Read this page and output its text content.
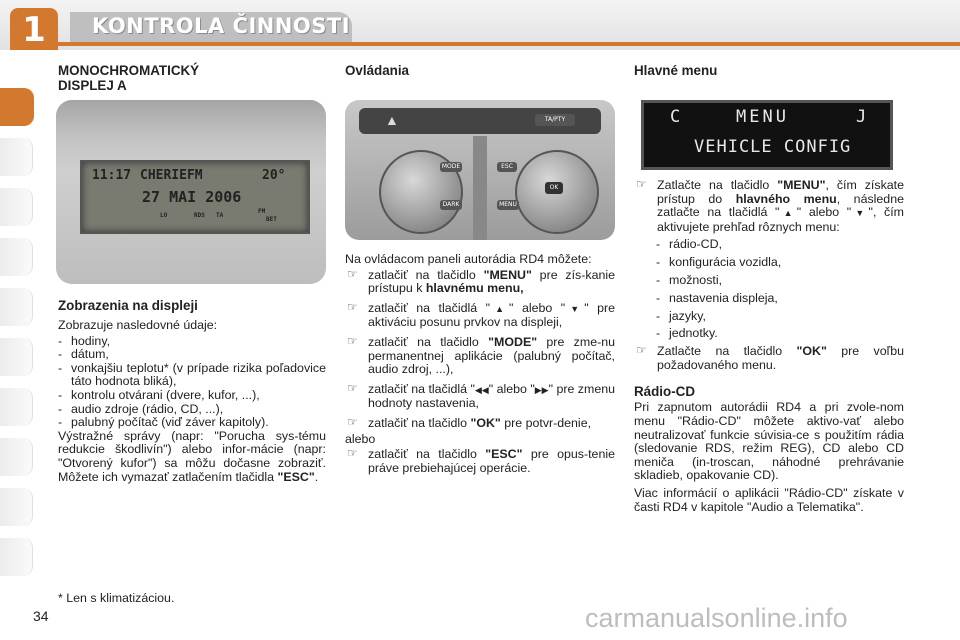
1	KONTROLA ČINNOSTI
MONOCHROMATICKÝ DISPLEJ A
11:17 CHERIEFM	20°
27 MAI 2006
LO	RDS TA
FM
BET
Zobrazenia na displeji
Zobrazuje nasledovné údaje:
- hodiny,
- dátum,
- vonkajšiu teplotu* (v prípade rizika poľadovice táto hodnota bliká),
- kontrolu otvárani (dvere, kufor, ...),
- audio zdroje (rádio, CD, ...),
- palubný počítač (viď záver kapitoly).
Výstražné správy (napr: "Porucha sys-tému redukcie škodlivín") alebo infor-mácie (napr: "Otvorený kufor") sa môžu dočasne zobraziť. Môžete ich vymazať zatlačením tlačidla "ESC".
* Len s klimatizáciou.
34
Ovládania
▲	TA/PTY
MODE
DARK
ESC
MENU
OK
Na ovládacom paneli autorádia RD4 môžete:
☞ zatlačiť na tlačidlo "MENU" pre zís-kanie prístupu k hlavnému menu,
☞ zatlačiť na tlačidlá "▲" alebo "▼" pre aktiváciu posunu prvkov na displeji,
☞ zatlačiť na tlačidlo "MODE" pre zme-nu permanentnej aplikácie (palubný počítač, audio zdroj, ...),
☞ zatlačiť na tlačidlá "◀◀" alebo "▶▶" pre zmenu hodnoty nastavenia,
☞ zatlačiť na tlačidlo "OK" pre potvr-denie,
alebo
☞ zatlačiť na tlačidlo "ESC" pre opus-tenie práve prebiehajúcej operácie.
Hlavné menu
C	MENU	J
VEHICLE CONFIG
☞ Zatlačte na tlačidlo "MENU", čím získate prístup do hlavného menu, následne zatlačte na tlačidlá "▲" alebo "▼", čím aktivujete prehľad rôznych menu:
- rádio-CD,
- konfigurácia vozidla,
- možnosti,
- nastavenia displeja,
- jazyky,
- jednotky.
☞ Zatlačte na tlačidlo "OK" pre voľbu požadovaného menu.
Rádio-CD
Pri zapnutom autorádii RD4 a pri zvole-nom menu "Rádio-CD" môžete aktivo-vať alebo neutralizovať funkcie súvisia-ce s použitím rádia (sledovanie RDS, režim REG), CD alebo CD meniča (in-troscan, náhodné prehrávanie skladieb, opakovanie CD).
Viac informácií o aplikácii "Rádio-CD" získate v časti RD4 v kapitole "Audio a Telematika".
carmanualsonline.info
